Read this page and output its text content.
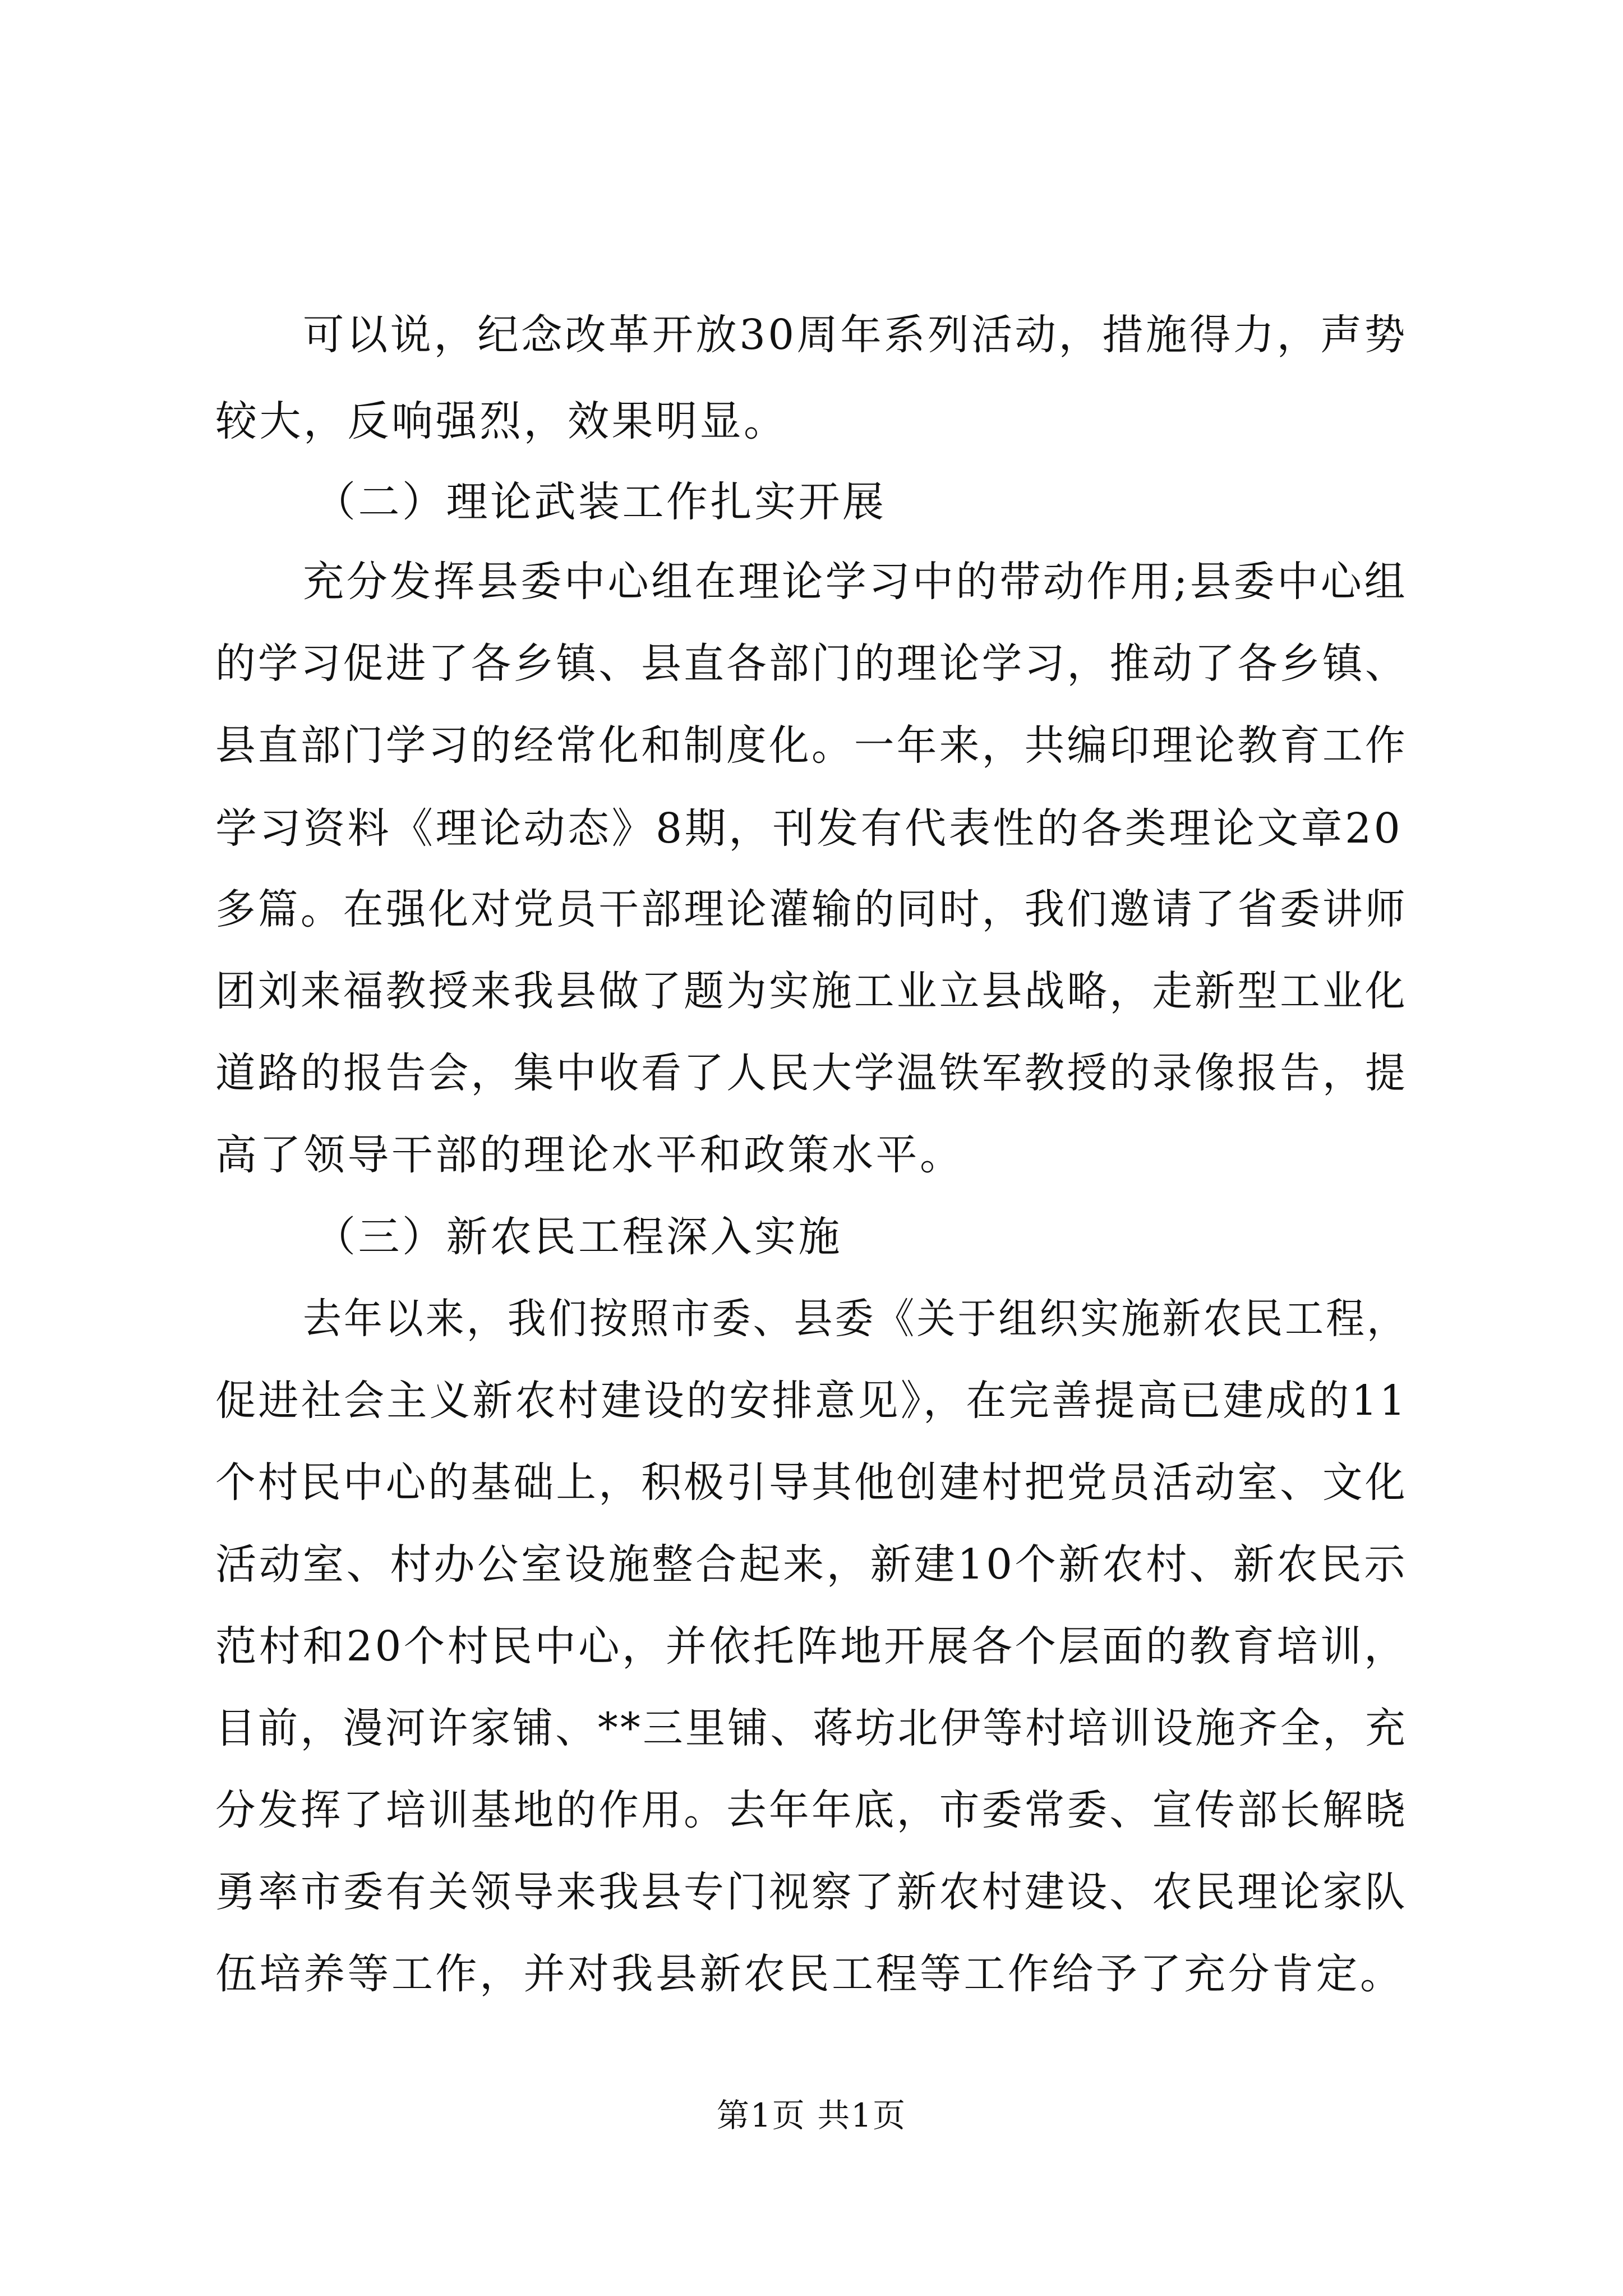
可以说，纪念改革开放30周年系列活动，措施得力，声势
较大，反响强烈，效果明显。
（二）理论武装工作扎实开展
充分发挥县委中心组在理论学习中的带动作用;县委中心组
的学习促进了各乡镇、县直各部门的理论学习，推动了各乡镇、
县直部门学习的经常化和制度化。一年来，共编印理论教育工作
学习资料《理论动态》8期，刊发有代表性的各类理论文章20
多篇。在强化对党员干部理论灌输的同时，我们邀请了省委讲师
团刘来福教授来我县做了题为实施工业立县战略，走新型工业化
道路的报告会，集中收看了人民大学温铁军教授的录像报告，提
高了领导干部的理论水平和政策水平。
（三）新农民工程深入实施
去年以来，我们按照市委、县委《关于组织实施新农民工程，
促进社会主义新农村建设的安排意见》，在完善提高已建成的11
个村民中心的基础上，积极引导其他创建村把党员活动室、文化
活动室、村办公室设施整合起来，新建10个新农村、新农民示
范村和20个村民中心，并依托阵地开展各个层面的教育培训，
目前，漫河许家铺、**三里铺、蒋坊北伊等村培训设施齐全，充
分发挥了培训基地的作用。去年年底，市委常委、宣传部长解晓
勇率市委有关领导来我县专门视察了新农村建设、农民理论家队
伍培养等工作，并对我县新农民工程等工作给予了充分肯定。
第1页 共1页
